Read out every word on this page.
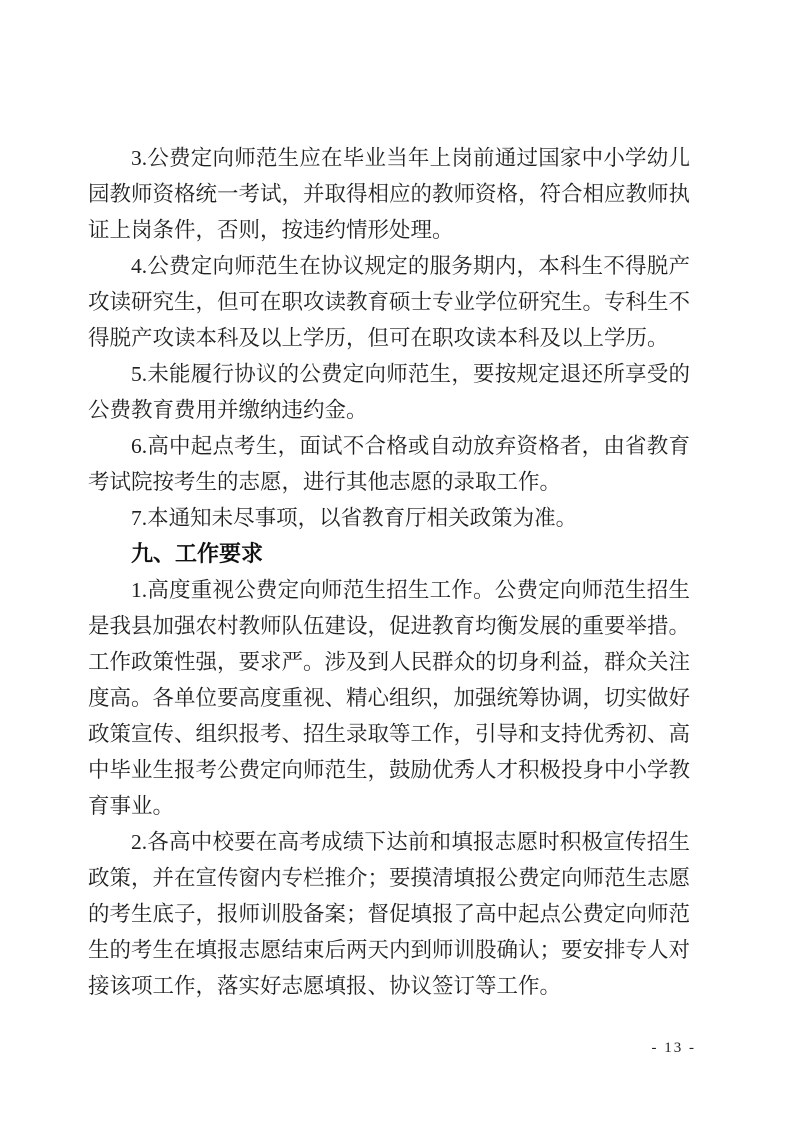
3.公费定向师范生应在毕业当年上岗前通过国家中小学幼儿园教师资格统一考试，并取得相应的教师资格，符合相应教师执证上岗条件，否则，按违约情形处理。

4.公费定向师范生在协议规定的服务期内，本科生不得脱产攻读研究生，但可在职攻读教育硕士专业学位研究生。专科生不得脱产攻读本科及以上学历，但可在职攻读本科及以上学历。

5.未能履行协议的公费定向师范生，要按规定退还所享受的公费教育费用并缴纳违约金。

6.高中起点考生，面试不合格或自动放弃资格者，由省教育考试院按考生的志愿，进行其他志愿的录取工作。

7.本通知未尽事项，以省教育厅相关政策为准。

九、工作要求

1.高度重视公费定向师范生招生工作。公费定向师范生招生是我县加强农村教师队伍建设，促进教育均衡发展的重要举措。工作政策性强，要求严。涉及到人民群众的切身利益，群众关注度高。各单位要高度重视、精心组织，加强统筹协调，切实做好政策宣传、组织报考、招生录取等工作，引导和支持优秀初、高中毕业生报考公费定向师范生，鼓励优秀人才积极投身中小学教育事业。

2.各高中校要在高考成绩下达前和填报志愿时积极宣传招生政策，并在宣传窗内专栏推介；要摸清填报公费定向师范生志愿的考生底子，报师训股备案；督促填报了高中起点公费定向师范生的考生在填报志愿结束后两天内到师训股确认；要安排专人对接该项工作，落实好志愿填报、协议签订等工作。

- 13 -
